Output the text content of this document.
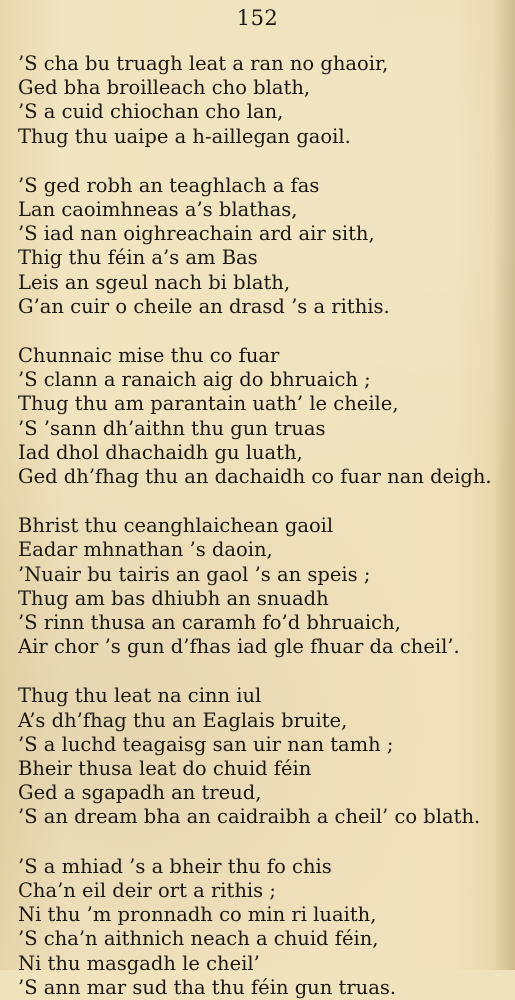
152
’S cha bu truagh leat a ran no ghaoir,
Ged bha broilleach cho blath,
’S a cuid chiochan cho lan,
Thug thu uaipe a h-aillegan gaoil.
’S ged robh an teaghlach a fas
Lan caoimhneas a’s blathas,
’S iad nan oighreachain ard air sith,
Thig thu féin a’s am Bas
Leis an sgeul nach bi blath,
G’an cuir o cheile an drasd ’s a rithis.
Chunnaic mise thu co fuar
’S clann a ranaich aig do bhruaich ;
Thug thu am parantain uath’ le cheile,
’S ’sann dh’aithn thu gun truas
Iad dhol dhachaidh gu luath,
Ged dh’fhag thu an dachaidh co fuar nan deigh.
Bhrist thu ceanghlaichean gaoil
Eadar mhnathan ’s daoin,
’Nuair bu tairis an gaol ’s an speis ;
Thug am bas dhiubh an snuadh
’S rinn thusa an caramh fo’d bhruaich,
Air chor ’s gun d’fhas iad gle fhuar da cheil’.
Thug thu leat na cinn iul
A’s dh’fhag thu an Eaglais bruite,
’S a luchd teagaisg san uir nan tamh ;
Bheir thusa leat do chuid féin
Ged a sgapadh an treud,
’S an dream bha an caidraibh a cheil’ co blath.
’S a mhiad ’s a bheir thu fo chis
Cha’n eil deir ort a rithis ;
Ni thu ’m pronnadh co min ri luaith,
’S cha’n aithnich neach a chuid féin,
Ni thu masgadh le cheil’
’S ann mar sud tha thu féin gun truas.
